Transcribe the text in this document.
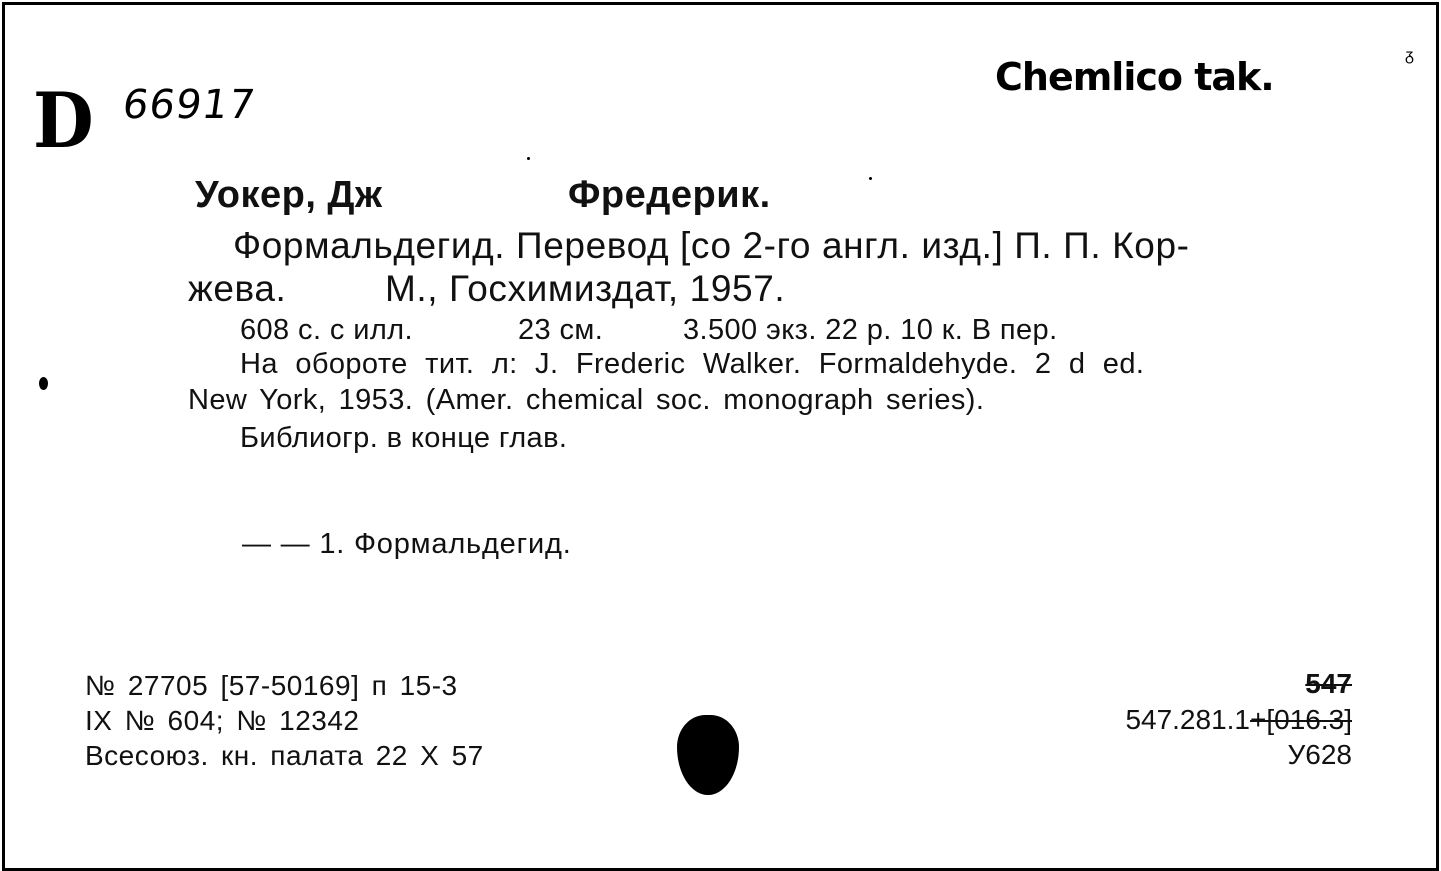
D 66917
Chemlico tak.
ᵹ
Уокер, Дж	Фредерик.
Формальдегид. Перевод [со 2-го англ. изд.] П. П. Кор-
жева.	М., Госхимиздат, 1957.
608 с. с илл.	23 см.	3.500 экз. 22 р. 10 к. В пер.
На обороте тит. л: J. Frederic Walker. Formaldehyde. 2 d ed.
New York, 1953. (Amer. chemical soc. monograph series).
Библиогр. в конце глав.
— — 1. Формальдегид.
№ 27705 [57-50169] п 15-3
IX № 604; № 12342
Всесоюз. кн. палата 22 X 57
547
547.281.1+[016.3]
У628
